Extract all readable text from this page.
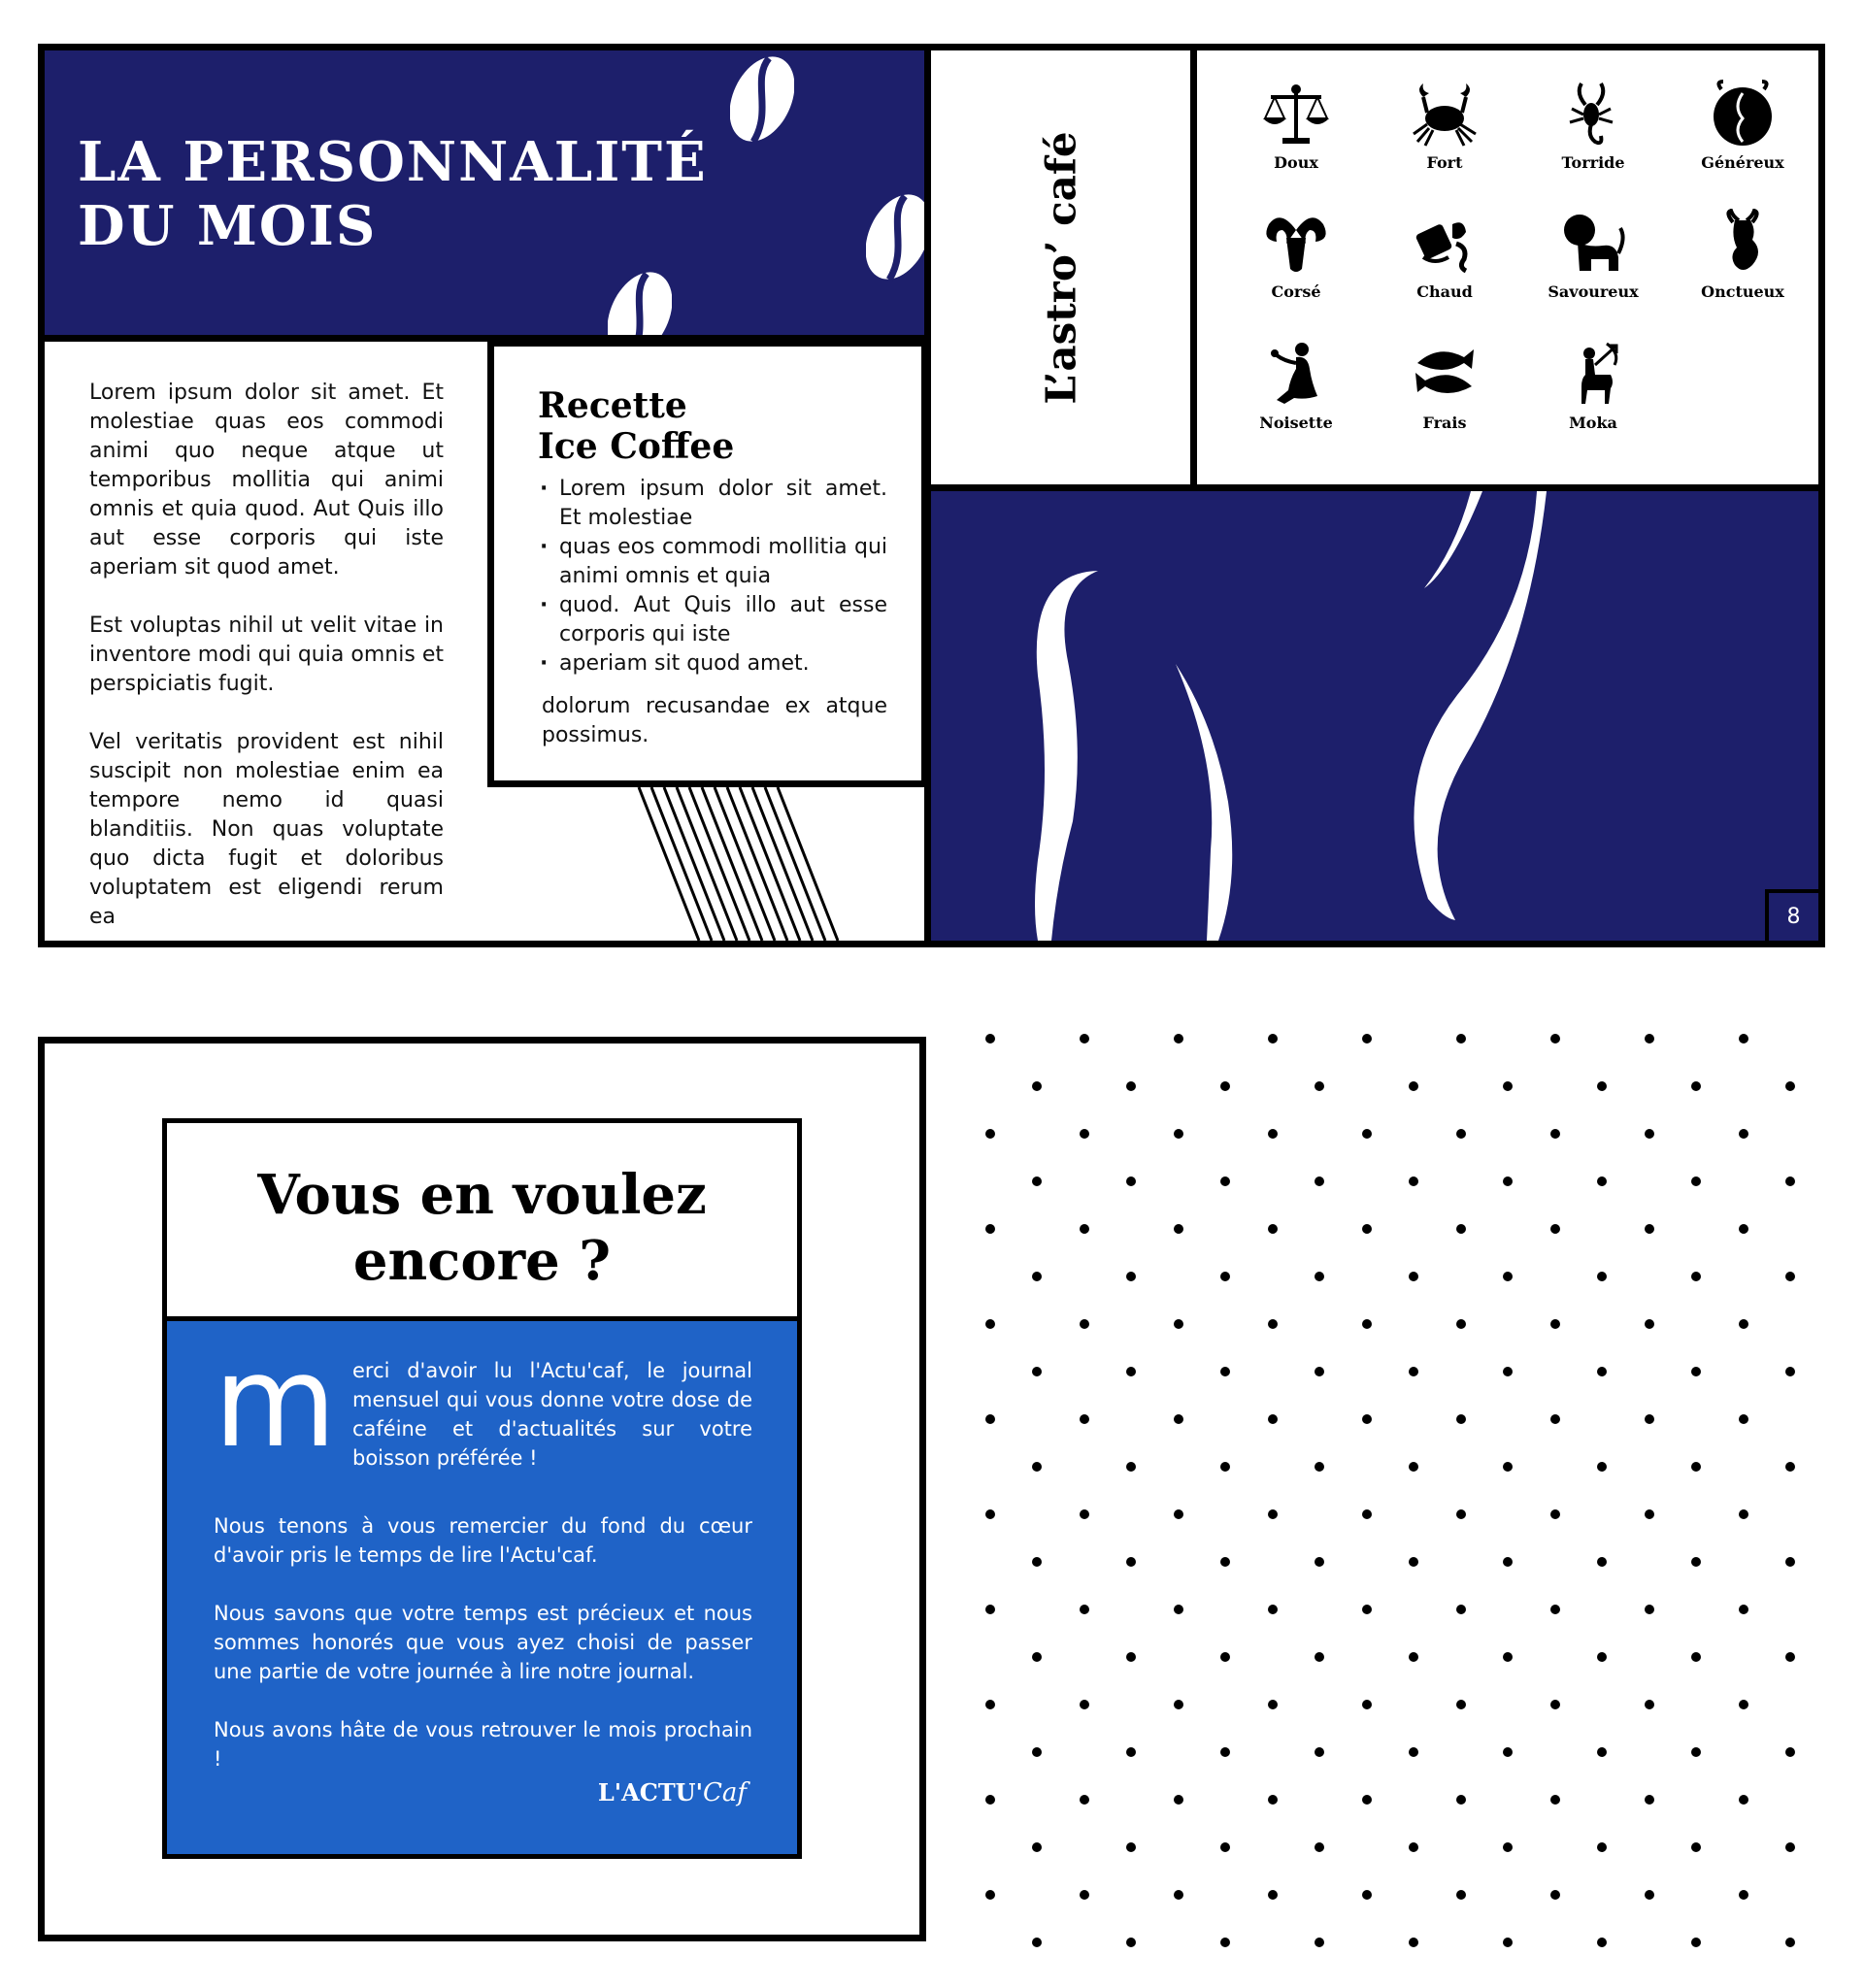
LA PERSONNALITÉ
DU MOIS

Lorem ipsum dolor sit amet. Et molestiae quas eos commodi animi quo neque atque ut temporibus mollitia qui animi omnis et quia quod. Aut Quis illo aut esse corporis qui iste aperiam sit quod amet.

Est voluptas nihil ut velit vitae in inventore modi qui quia omnis et perspiciatis fugit.

Vel veritatis provident est nihil suscipit non molestiae enim ea tempore nemo id quasi blanditiis. Non quas voluptate quo dicta fugit et doloribus voluptatem est eligendi rerum ea

Recette
Ice Coffee
· Lorem ipsum dolor sit amet. Et molestiae
· quas eos commodi mollitia qui animi omnis et quia
· quod. Aut Quis illo aut esse corporis qui iste
· aperiam sit quod amet.

dolorum recusandae ex atque possimus.

L’astro’ café	Doux	Fort	Torride	Généreux
Corsé	Chaud	Savoureux	Onctueux
Noisette	Frais	Moka
8
Vous en voulez
encore ?
m erci d'avoir lu l'Actu'caf, le journal mensuel qui vous donne votre dose de caféine et d'actualités sur votre boisson préférée !

Nous tenons à vous remercier du fond du cœur d'avoir pris le temps de lire l'Actu'caf.

Nous savons que votre temps est précieux et nous sommes honorés que vous ayez choisi de passer une partie de votre journée à lire notre journal.

Nous avons hâte de vous retrouver le mois prochain !

L'ACTU'Caf
